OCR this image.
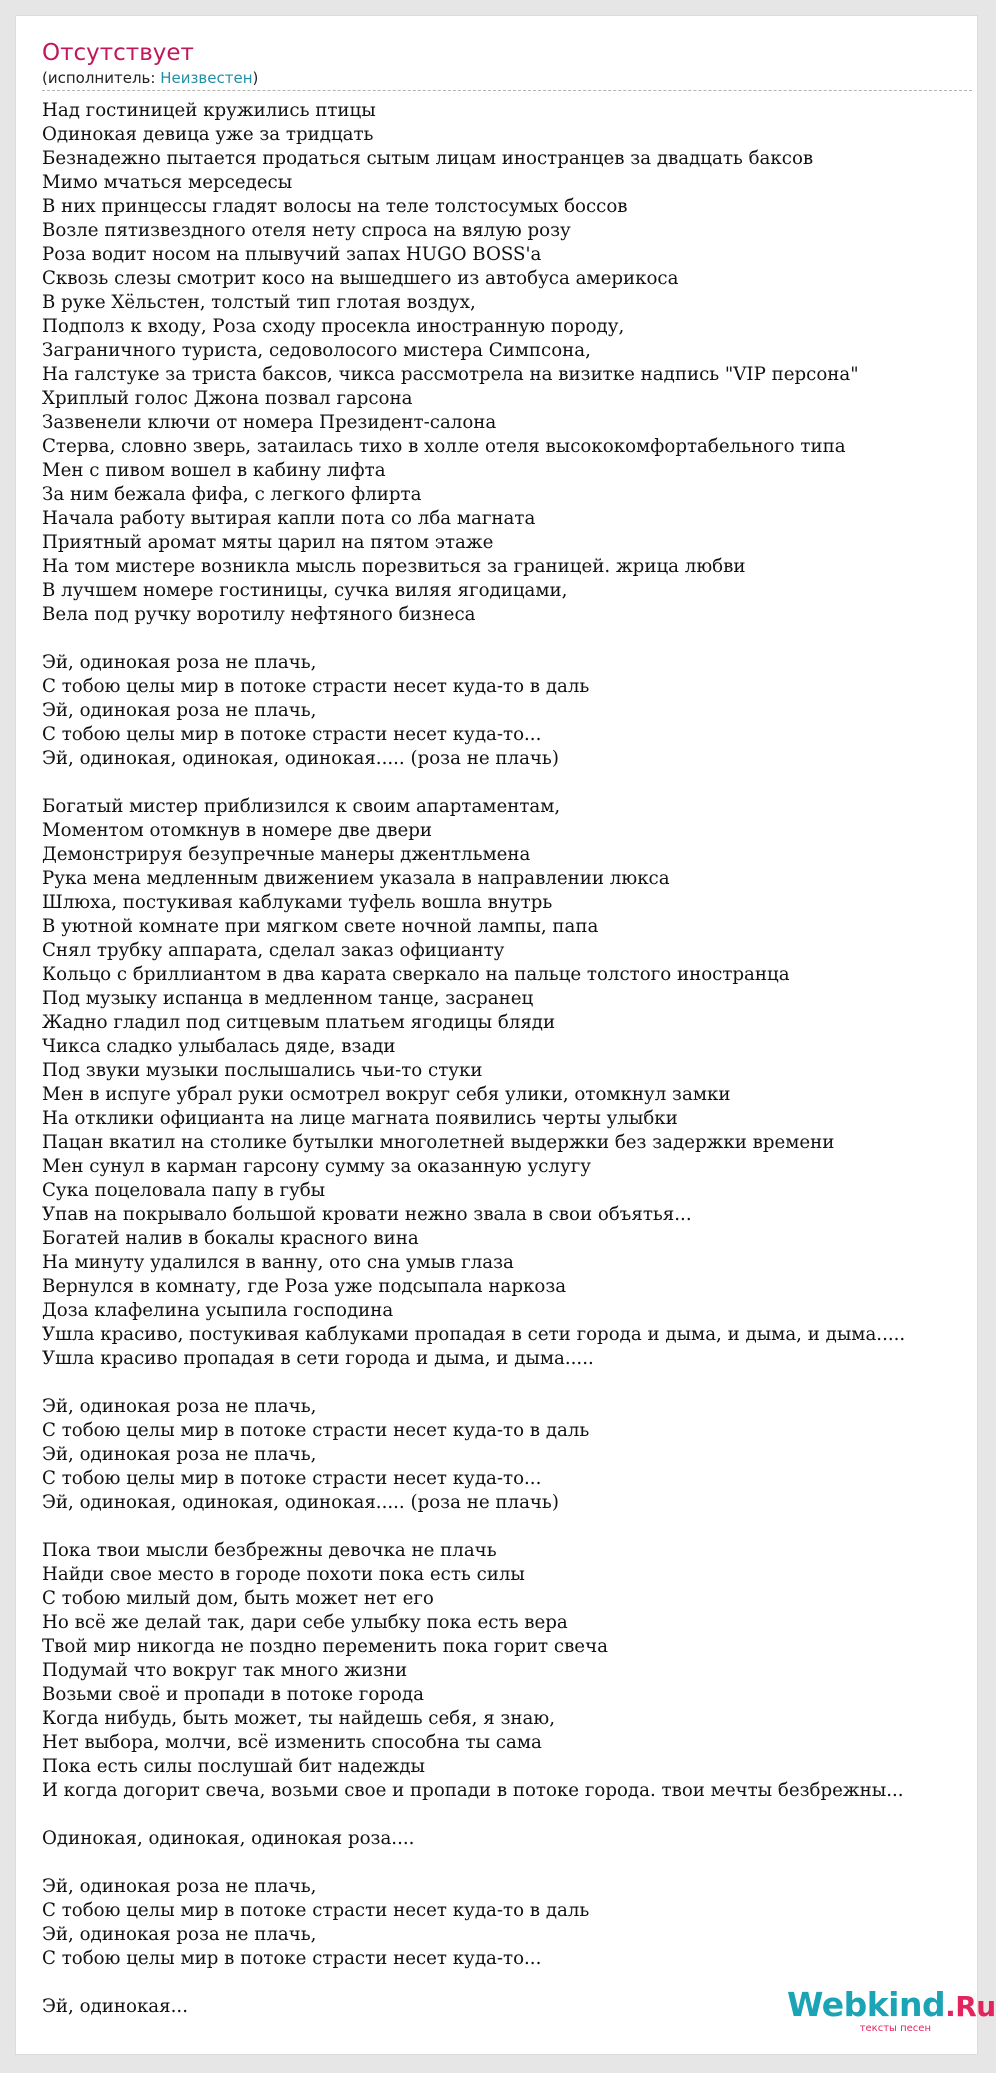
Отсутствует
(исполнитель: Неизвестен)
Над гостиницей кружились птицы
Одинокая девица уже за тридцать
Безнадежно пытается продаться сытым лицам иностранцев за двадцать баксов
Мимо мчаться мерседесы
В них принцессы гладят волосы на теле толстосумых боссов
Возле пятизвездного отеля нету спроса на вялую розу
Роза водит носом на плывучий запах HUGO BOSS'а
Сквозь слезы смотрит косо на вышедшего из автобуса америкоса
В руке Хёльстен, толстый тип глотая воздух,
Подполз к входу, Роза сходу просекла иностранную породу,
Заграничного туриста, седоволосого мистера Симпсона,
На галстуке за триста баксов, чикса рассмотрела на визитке надпись "VIP персона"
Хриплый голос Джона позвал гарсона
Зазвенели ключи от номера Президент-салона
Стерва, словно зверь, затаилась тихо в холле отеля высококомфортабельного типа
Мен с пивом вошел в кабину лифта
За ним бежала фифа, с легкого флирта
Начала работу вытирая капли пота со лба магната
Приятный аромат мяты царил на пятом этаже
На том мистере возникла мысль порезвиться за границей. жрица любви
В лучшем номере гостиницы, сучка виляя ягодицами,
Вела под ручку воротилу нефтяного бизнеса
Эй, одинокая роза не плачь,
С тобою целы мир в потоке страсти несет куда-то в даль
Эй, одинокая роза не плачь,
С тобою целы мир в потоке страсти несет куда-то...
Эй, одинокая, одинокая, одинокая..... (роза не плачь)
Богатый мистер приблизился к своим апартаментам,
Моментом отомкнув в номере две двери
Демонстрируя безупречные манеры джентльмена
Рука мена медленным движением указала в направлении люкса
Шлюха, постукивая каблуками туфель вошла внутрь
В уютной комнате при мягком свете ночной лампы, папа
Снял трубку аппарата, сделал заказ официанту
Кольцо с бриллиантом в два карата сверкало на пальце толстого иностранца
Под музыку испанца в медленном танце, засранец
Жадно гладил под ситцевым платьем ягодицы бляди
Чикса сладко улыбалась дяде, взади
Под звуки музыки послышались чьи-то стуки
Мен в испуге убрал руки осмотрел вокруг себя улики, отомкнул замки
На отклики официанта на лице магната появились черты улыбки
Пацан вкатил на столике бутылки многолетней выдержки без задержки времени
Мен сунул в карман гарсону сумму за оказанную услугу
Сука поцеловала папу в губы
Упав на покрывало большой кровати нежно звала в свои объятья...
Богатей налив в бокалы красного вина
На минуту удалился в ванну, ото сна умыв глаза
Вернулся в комнату, где Роза уже подсыпала наркоза
Доза клафелина усыпила господина
Ушла красиво, постукивая каблуками пропадая в сети города и дыма, и дыма, и дыма.....
Ушла красиво пропадая в сети города и дыма, и дыма.....
Эй, одинокая роза не плачь,
С тобою целы мир в потоке страсти несет куда-то в даль
Эй, одинокая роза не плачь,
С тобою целы мир в потоке страсти несет куда-то...
Эй, одинокая, одинокая, одинокая..... (роза не плачь)
Пока твои мысли безбрежны девочка не плачь
Найди свое место в городе похоти пока есть силы
С тобою милый дом, быть может нет его
Но всё же делай так, дари себе улыбку пока есть вера
Твой мир никогда не поздно переменить пока горит свеча
Подумай что вокруг так много жизни
Возьми своё и пропади в потоке города
Когда нибудь, быть может, ты найдешь себя, я знаю,
Нет выбора, молчи, всё изменить способна ты сама
Пока есть силы послушай бит надежды
И когда догорит свеча, возьми свое и пропади в потоке города. твои мечты безбрежны...
Одинокая, одинокая, одинокая роза....
Эй, одинокая роза не плачь,
С тобою целы мир в потоке страсти несет куда-то в даль
Эй, одинокая роза не плачь,
С тобою целы мир в потоке страсти несет куда-то...
Эй, одинокая...	Webkind.Ru
тексты песен
